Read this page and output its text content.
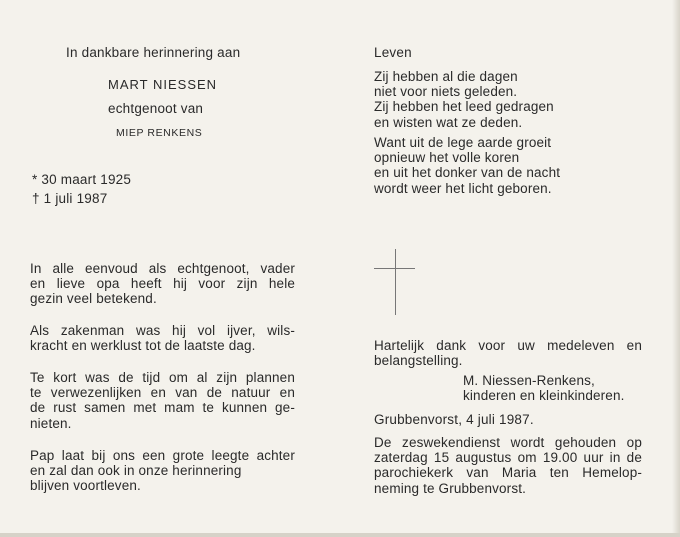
In dankbare herinnering aan
MART NIESSEN
echtgenoot van
MIEP RENKENS
* 30 maart 1925
† 1 juli 1987
In alle eenvoud als echtgenoot, vader
en lieve opa heeft hij voor zijn hele
gezin veel betekend.
Als zakenman was hij vol ijver, wils-
kracht en werklust tot de laatste dag.
Te kort was de tijd om al zijn plannen
te verwezenlijken en van de natuur en
de rust samen met mam te kunnen ge-
nieten.
Pap laat bij ons een grote leegte achter
en zal dan ook in onze herinnering
blijven voortleven.
Leven
Zij hebben al die dagen
niet voor niets geleden.
Zij hebben het leed gedragen
en wisten wat ze deden.
Want uit de lege aarde groeit
opnieuw het volle koren
en uit het donker van de nacht
wordt weer het licht geboren.
Hartelijk dank voor uw medeleven en
belangstelling.
M. Niessen-Renkens,
kinderen en kleinkinderen.
Grubbenvorst, 4 juli 1987.
De zeswekendienst wordt gehouden op
zaterdag 15 augustus om 19.00 uur in de
parochiekerk van Maria ten Hemelop-
neming te Grubbenvorst.
